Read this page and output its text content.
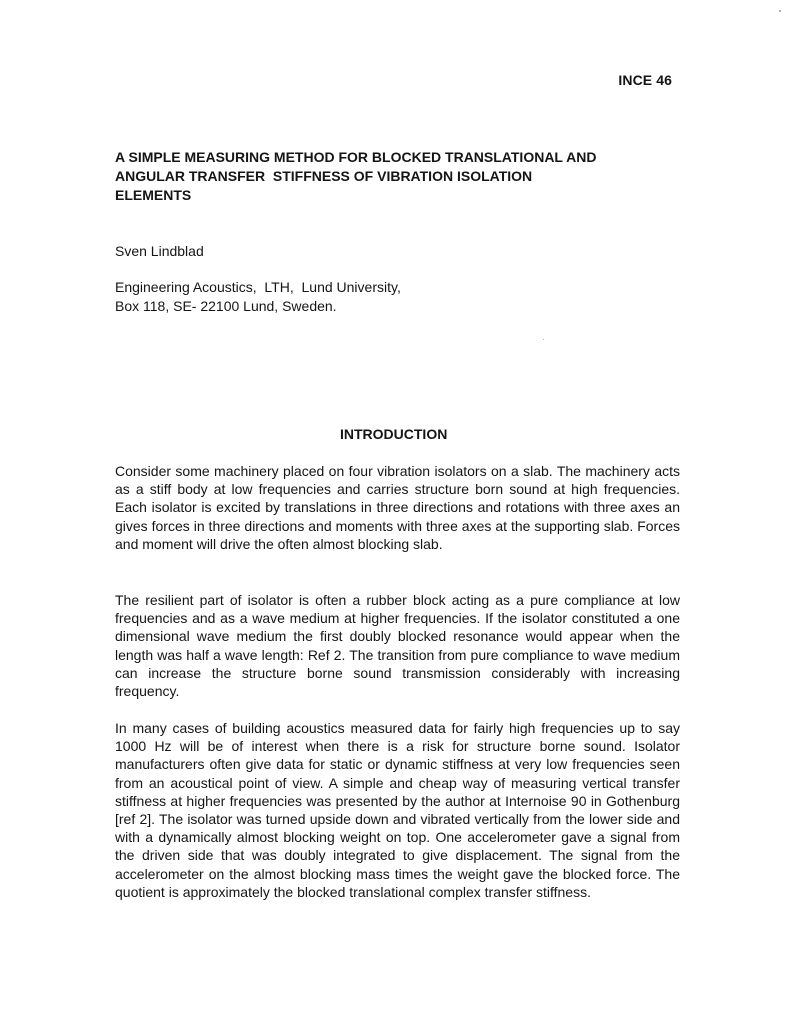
INCE 46
A SIMPLE MEASURING METHOD FOR BLOCKED TRANSLATIONAL AND
ANGULAR TRANSFER  STIFFNESS OF VIBRATION ISOLATION
ELEMENTS

Sven Lindblad

Engineering Acoustics,  LTH,  Lund University,
Box 118, SE- 22100 Lund, Sweden.

INTRODUCTION

Consider some machinery placed on four vibration isolators on a slab. The machinery acts as a stiff body at low frequencies and carries structure born sound at high frequencies. Each isolator is excited by translations in three directions and rotations with three axes an gives forces in three directions and moments with three axes at the supporting slab. Forces and moment will drive the often almost blocking slab.

The resilient part of isolator is often a rubber block acting as a pure compliance at low frequencies and as a wave medium at higher frequencies. If the isolator constituted a one dimensional wave medium the first doubly blocked resonance would appear when the length was half a wave length: Ref 2. The transition from pure compliance to wave medium can increase the structure borne sound transmission considerably with increasing frequency.

In many cases of building acoustics measured data for fairly high frequencies up to say 1000 Hz will be of interest when there is a risk for structure borne sound. Isolator manufacturers often give data for static or dynamic stiffness at very low frequencies seen from an acoustical point of view. A simple and cheap way of measuring vertical transfer stiffness at higher frequencies was presented by the author at Internoise 90 in Gothenburg [ref 2]. The isolator was turned upside down and vibrated vertically from the lower side and with a dynamically almost blocking weight on top. One accelerometer gave a signal from the driven side that was doubly integrated to give displacement. The signal from the accelerometer on the almost blocking mass times the weight gave the blocked force. The quotient is approximately the blocked translational complex transfer stiffness.
